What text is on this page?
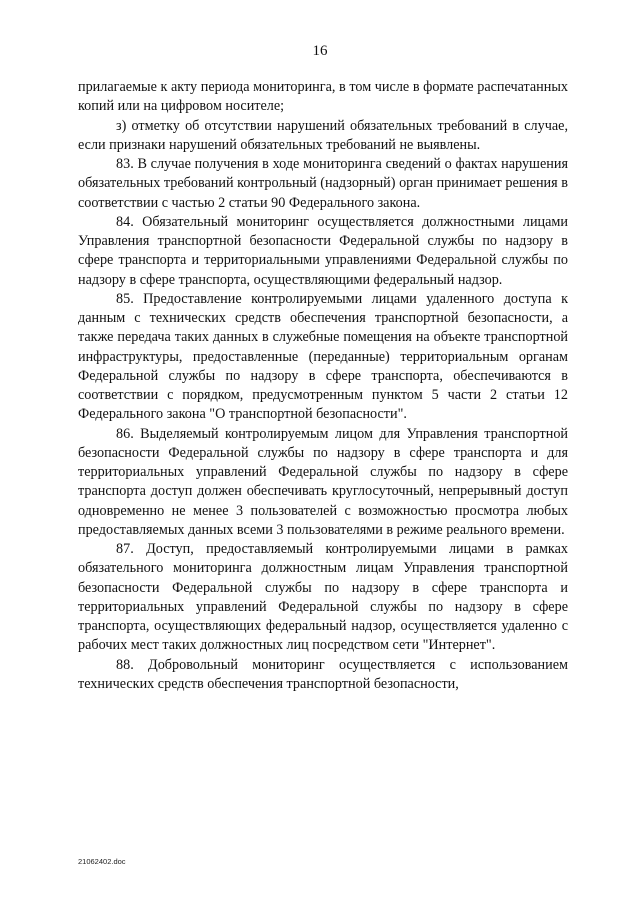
16

прилагаемые к акту периода мониторинга, в том числе в формате распечатанных копий или на цифровом носителе;

з) отметку об отсутствии нарушений обязательных требований в случае, если признаки нарушений обязательных требований не выявлены.

83. В случае получения в ходе мониторинга сведений о фактах нарушения обязательных требований контрольный (надзорный) орган принимает решения в соответствии с частью 2 статьи 90 Федерального закона.

84. Обязательный мониторинг осуществляется должностными лицами Управления транспортной безопасности Федеральной службы по надзору в сфере транспорта и территориальными управлениями Федеральной службы по надзору в сфере транспорта, осуществляющими федеральный надзор.

85. Предоставление контролируемыми лицами удаленного доступа к данным с технических средств обеспечения транспортной безопасности, а также передача таких данных в служебные помещения на объекте транспортной инфраструктуры, предоставленные (переданные) территориальным органам Федеральной службы по надзору в сфере транспорта, обеспечиваются в соответствии с порядком, предусмотренным пунктом 5 части 2 статьи 12 Федерального закона "О транспортной безопасности".

86. Выделяемый контролируемым лицом для Управления транспортной безопасности Федеральной службы по надзору в сфере транспорта и для территориальных управлений Федеральной службы по надзору в сфере транспорта доступ должен обеспечивать круглосуточный, непрерывный доступ одновременно не менее 3 пользователей с возможностью просмотра любых предоставляемых данных всеми 3 пользователями в режиме реального времени.

87. Доступ, предоставляемый контролируемыми лицами в рамках обязательного мониторинга должностным лицам Управления транспортной безопасности Федеральной службы по надзору в сфере транспорта и территориальных управлений Федеральной службы по надзору в сфере транспорта, осуществляющих федеральный надзор, осуществляется удаленно с рабочих мест таких должностных лиц посредством сети "Интернет".

88. Добровольный мониторинг осуществляется с использованием технических средств обеспечения транспортной безопасности,

21062402.doc
